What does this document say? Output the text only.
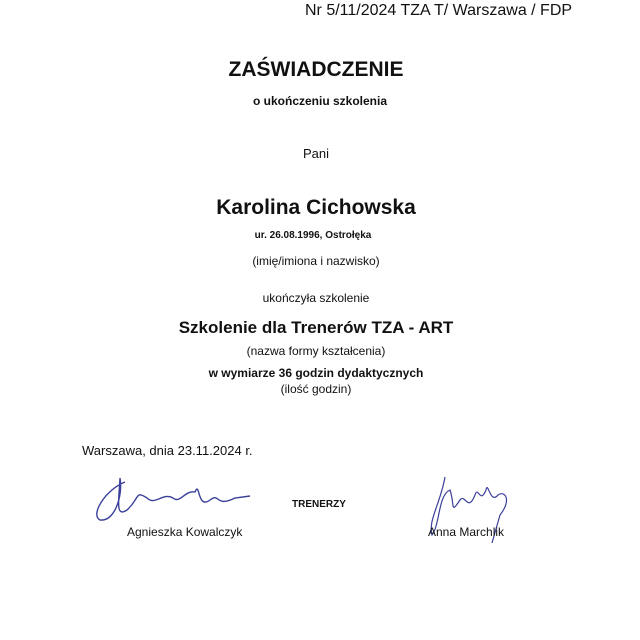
Nr 5/11/2024 TZA T/ Warszawa / FDP
ZAŚWIADCZENIE
o ukończeniu szkolenia
Pani
Karolina Cichowska
ur. 26.08.1996, Ostrołęka
(imię/imiona i nazwisko)
ukończyła szkolenie
Szkolenie dla Trenerów TZA - ART
(nazwa formy kształcenia)
w wymiarze 36 godzin dydaktycznych
(ilość godzin)
Warszawa, dnia 23.11.2024 r.
TRENERZY
Agnieszka Kowalczyk	Anna Marchlik
